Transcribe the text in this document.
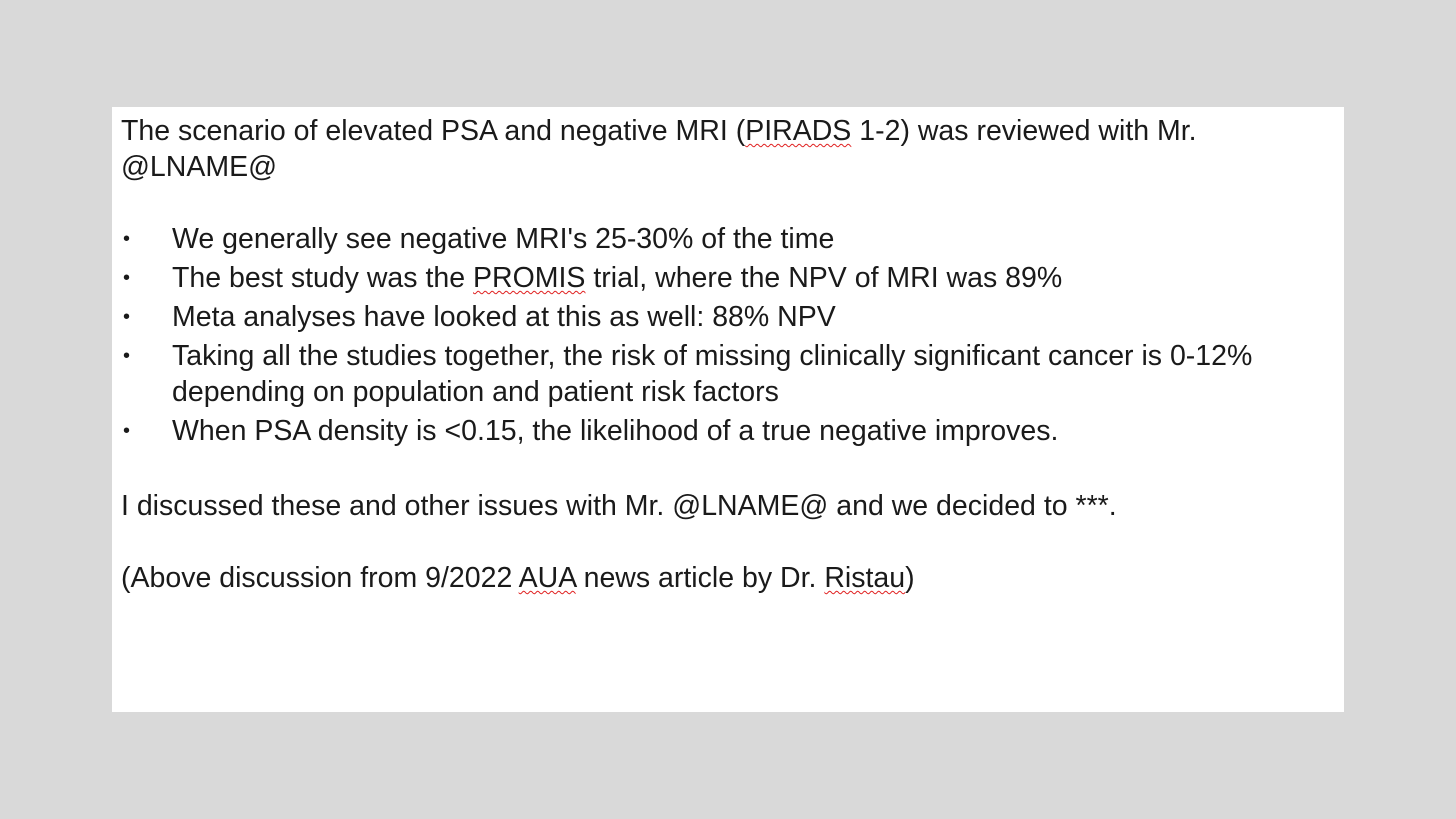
The scenario of elevated PSA and negative MRI (PIRADS 1-2) was reviewed with Mr.
@LNAME@

• We generally see negative MRI's 25-30% of the time
• The best study was the PROMIS trial, where the NPV of MRI was 89%
• Meta analyses have looked at this as well: 88% NPV
• Taking all the studies together, the risk of missing clinically significant cancer is 0-12% depending on population and patient risk factors
• When PSA density is <0.15, the likelihood of a true negative improves.

I discussed these and other issues with Mr. @LNAME@ and we decided to ***.

(Above discussion from 9/2022 AUA news article by Dr. Ristau)
